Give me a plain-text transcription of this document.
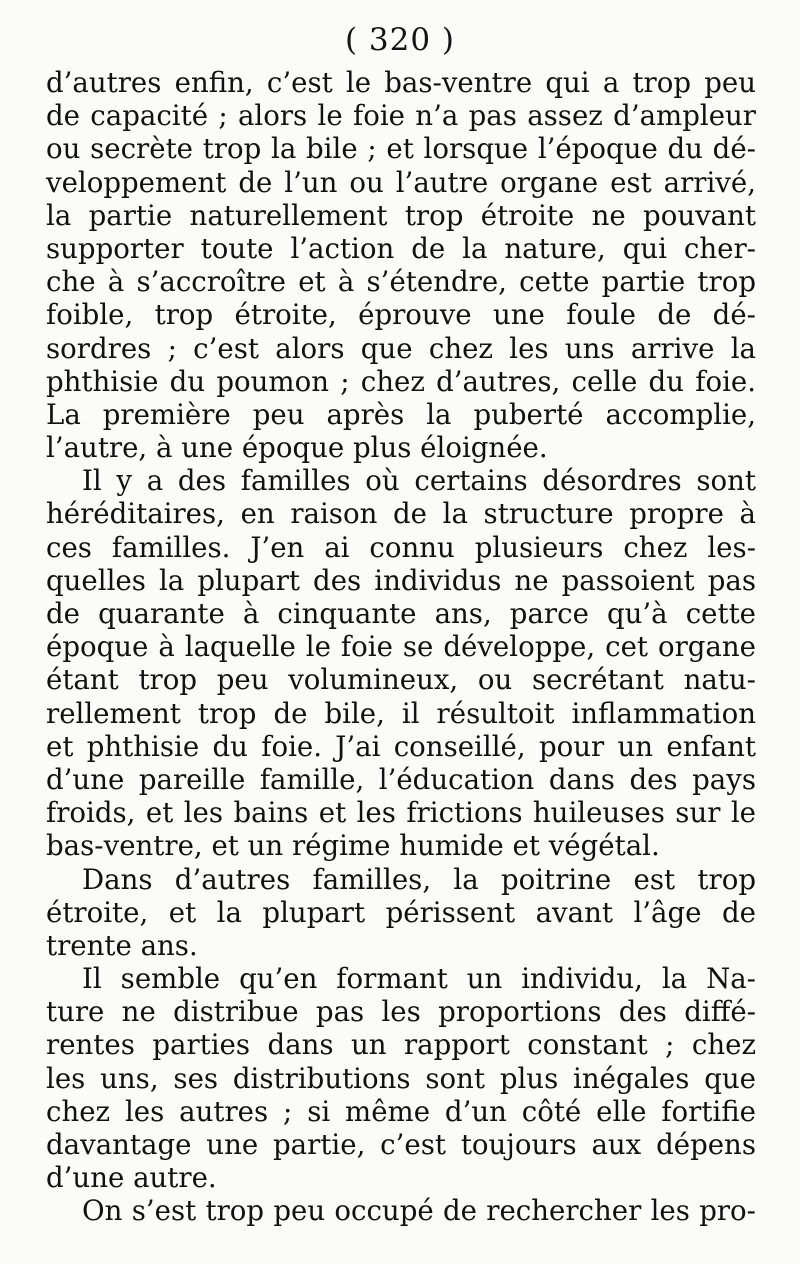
( 320 )
d’autres enfin, c’est le bas-ventre qui a trop peu
de capacité ; alors le foie n’a pas assez d’ampleur
ou secrète trop la bile ; et lorsque l’époque du dé-
veloppement de l’un ou l’autre organe est arrivé,
la partie naturellement trop étroite ne pouvant
supporter toute l’action de la nature, qui cher-
che à s’accroître et à s’étendre, cette partie trop
foible, trop étroite, éprouve une foule de dé-
sordres ; c’est alors que chez les uns arrive la
phthisie du poumon ; chez d’autres, celle du foie.
La première peu après la puberté accomplie,
l’autre, à une époque plus éloignée.
Il y a des familles où certains désordres sont
héréditaires, en raison de la structure propre à
ces familles. J’en ai connu plusieurs chez les-
quelles la plupart des individus ne passoient pas
de quarante à cinquante ans, parce qu’à cette
époque à laquelle le foie se développe, cet organe
étant trop peu volumineux, ou secrétant natu-
rellement trop de bile, il résultoit inflammation
et phthisie du foie. J’ai conseillé, pour un enfant
d’une pareille famille, l’éducation dans des pays
froids, et les bains et les frictions huileuses sur le
bas-ventre, et un régime humide et végétal.
Dans d’autres familles, la poitrine est trop
étroite, et la plupart périssent avant l’âge de
trente ans.
Il semble qu’en formant un individu, la Na-
ture ne distribue pas les proportions des diffé-
rentes parties dans un rapport constant ; chez
les uns, ses distributions sont plus inégales que
chez les autres ; si même d’un côté elle fortifie
davantage une partie, c’est toujours aux dépens
d’une autre.
On s’est trop peu occupé de rechercher les pro-
